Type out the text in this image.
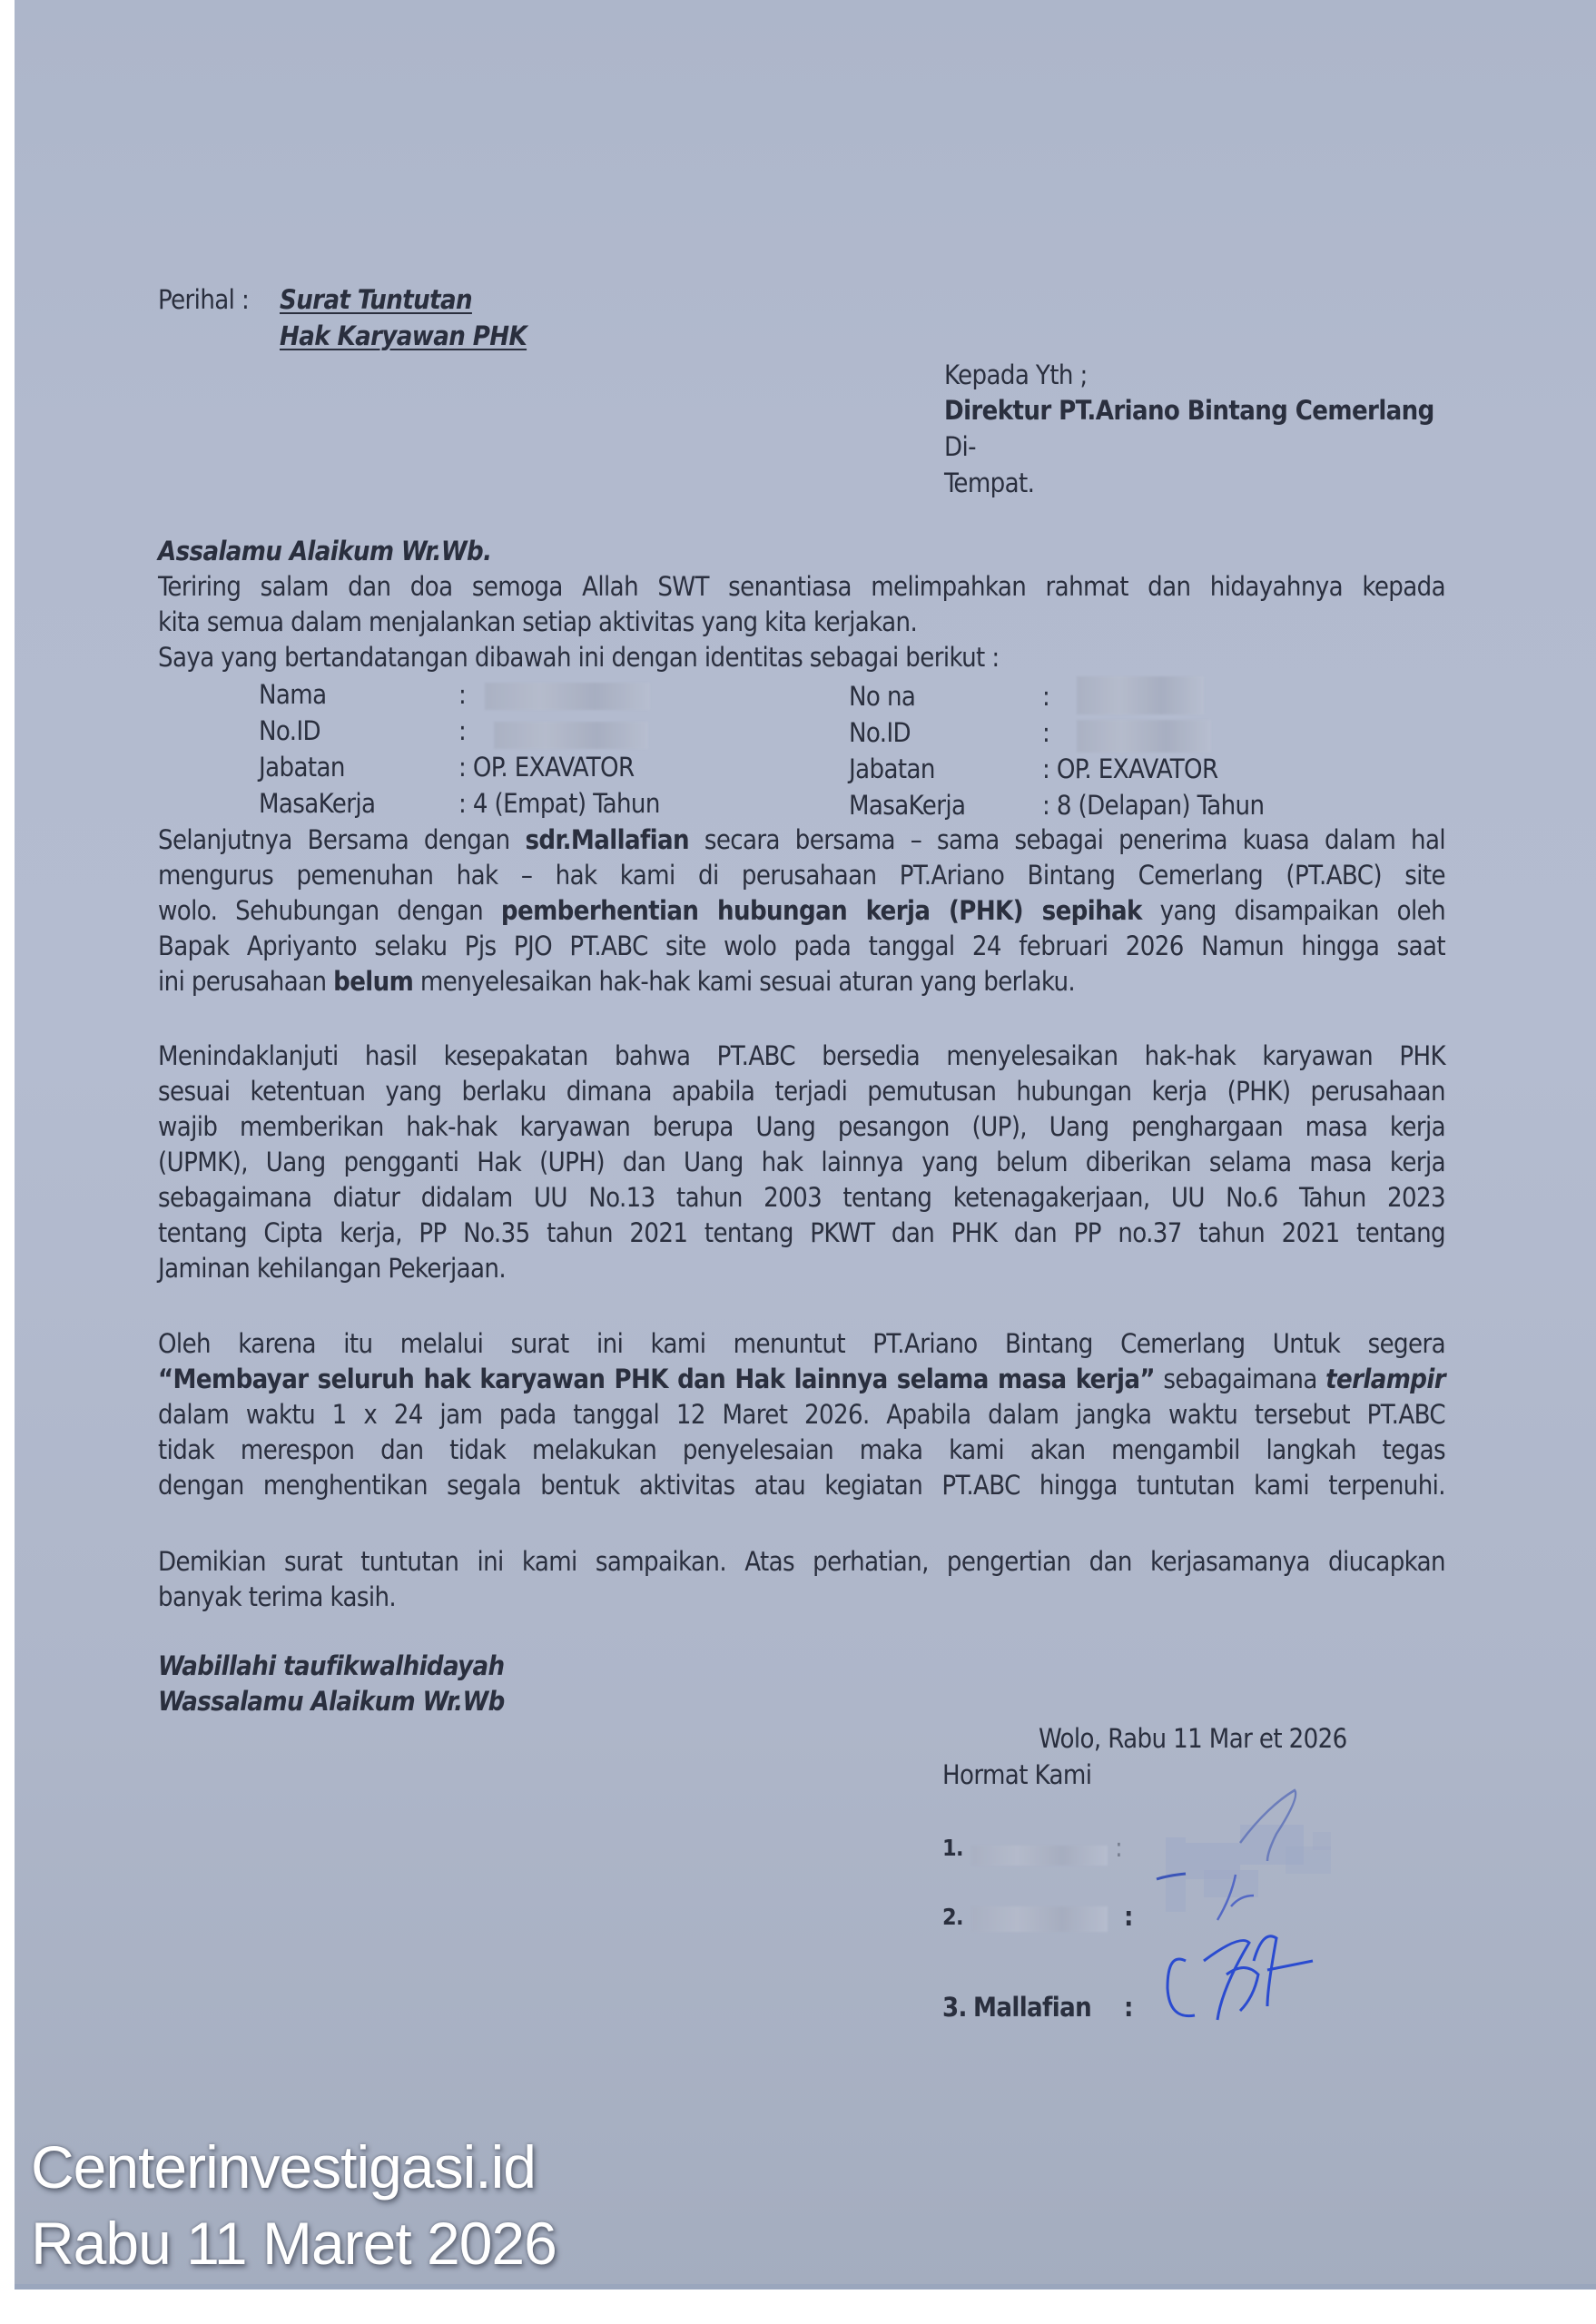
Perihal : Surat Tuntutan
Hak Karyawan PHK
Kepada Yth ;
Direktur PT.Ariano Bintang Cemerlang
Di-
Tempat.
Assalamu Alaikum Wr.Wb.
Teriring salam dan doa semoga Allah SWT senantiasa melimpahkan rahmat dan hidayahnya kepada
kita semua dalam menjalankan setiap aktivitas yang kita kerjakan.
Saya yang bertandatangan dibawah ini dengan identitas sebagai berikut :
Nama	:
No.ID	:
Jabatan	: OP. EXAVATOR
MasaKerja	: 4 (Empat) Tahun
No na	:
No.ID	:
Jabatan	: OP. EXAVATOR
MasaKerja	: 8 (Delapan) Tahun
Selanjutnya Bersama dengan sdr.Mallafian secara bersama – sama sebagai penerima kuasa dalam hal
mengurus pemenuhan hak – hak kami di perusahaan PT.Ariano Bintang Cemerlang (PT.ABC) site
wolo. Sehubungan dengan pemberhentian hubungan kerja (PHK) sepihak yang disampaikan oleh
Bapak Apriyanto selaku Pjs PJO PT.ABC site wolo pada tanggal 24 februari 2026 Namun hingga saat
ini perusahaan belum menyelesaikan hak-hak kami sesuai aturan yang berlaku.
Menindaklanjuti hasil kesepakatan bahwa PT.ABC bersedia menyelesaikan hak-hak karyawan PHK
sesuai ketentuan yang berlaku dimana apabila terjadi pemutusan hubungan kerja (PHK) perusahaan
wajib memberikan hak-hak karyawan berupa Uang pesangon (UP), Uang penghargaan masa kerja
(UPMK), Uang pengganti Hak (UPH) dan Uang hak lainnya yang belum diberikan selama masa kerja
sebagaimana diatur didalam UU No.13 tahun 2003 tentang ketenagakerjaan, UU No.6 Tahun 2023
tentang Cipta kerja, PP No.35 tahun 2021 tentang PKWT dan PHK dan PP no.37 tahun 2021 tentang
Jaminan kehilangan Pekerjaan.
Oleh karena itu melalui surat ini kami menuntut PT.Ariano Bintang Cemerlang Untuk segera
“Membayar seluruh hak karyawan PHK dan Hak lainnya selama masa kerja” sebagaimana terlampir
dalam waktu 1 x 24 jam pada tanggal 12 Maret 2026. Apabila dalam jangka waktu tersebut PT.ABC
tidak merespon dan tidak melakukan penyelesaian maka kami akan mengambil langkah tegas
dengan menghentikan segala bentuk aktivitas atau kegiatan PT.ABC hingga tuntutan kami terpenuhi.
Demikian surat tuntutan ini kami sampaikan. Atas perhatian, pengertian dan kerjasamanya diucapkan
banyak terima kasih.
Wabillahi taufikwalhidayah
Wassalamu Alaikum Wr.Wb
Wolo, Rabu 11 Mar et 2026
Hormat Kami
1.	:
2.	:
3. Mallafian :
Centerinvestigasi.id
Rabu 11 Maret 2026
